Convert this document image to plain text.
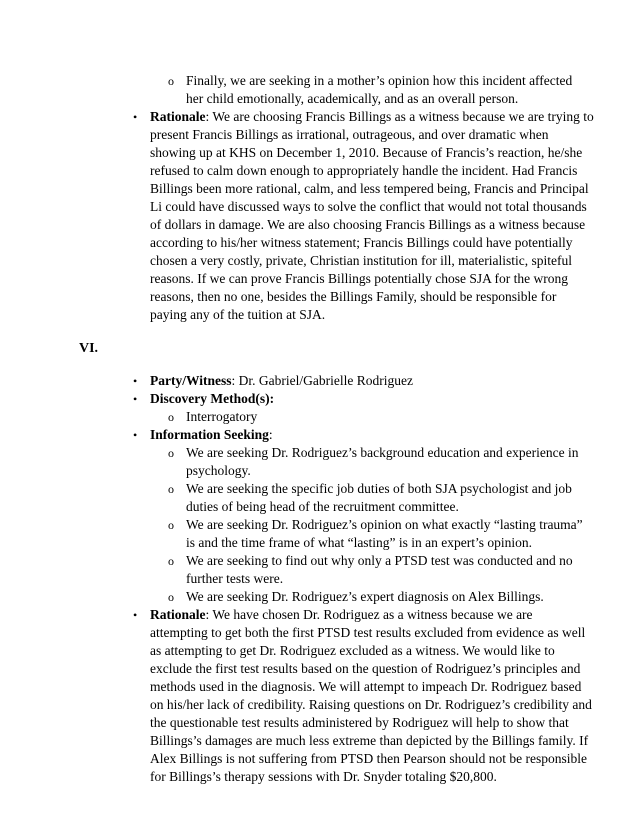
o Finally, we are seeking in a mother’s opinion how this incident affected
her child emotionally, academically, and as an overall person.
• Rationale: We are choosing Francis Billings as a witness because we are trying to
present Francis Billings as irrational, outrageous, and over dramatic when
showing up at KHS on December 1, 2010. Because of Francis’s reaction, he/she
refused to calm down enough to appropriately handle the incident. Had Francis
Billings been more rational, calm, and less tempered being, Francis and Principal
Li could have discussed ways to solve the conflict that would not total thousands
of dollars in damage. We are also choosing Francis Billings as a witness because
according to his/her witness statement; Francis Billings could have potentially
chosen a very costly, private, Christian institution for ill, materialistic, spiteful
reasons. If we can prove Francis Billings potentially chose SJA for the wrong
reasons, then no one, besides the Billings Family, should be responsible for
paying any of the tuition at SJA.
VI.
• Party/Witness: Dr. Gabriel/Gabrielle Rodriguez
• Discovery Method(s):
o Interrogatory
• Information Seeking:
o We are seeking Dr. Rodriguez’s background education and experience in
psychology.
o We are seeking the specific job duties of both SJA psychologist and job
duties of being head of the recruitment committee.
o We are seeking Dr. Rodriguez’s opinion on what exactly “lasting trauma”
is and the time frame of what “lasting” is in an expert’s opinion.
o We are seeking to find out why only a PTSD test was conducted and no
further tests were.
o We are seeking Dr. Rodriguez’s expert diagnosis on Alex Billings.
• Rationale: We have chosen Dr. Rodriguez as a witness because we are
attempting to get both the first PTSD test results excluded from evidence as well
as attempting to get Dr. Rodriguez excluded as a witness. We would like to
exclude the first test results based on the question of Rodriguez’s principles and
methods used in the diagnosis. We will attempt to impeach Dr. Rodriguez based
on his/her lack of credibility. Raising questions on Dr. Rodriguez’s credibility and
the questionable test results administered by Rodriguez will help to show that
Billings’s damages are much less extreme than depicted by the Billings family. If
Alex Billings is not suffering from PTSD then Pearson should not be responsible
for Billings’s therapy sessions with Dr. Snyder totaling $20,800.
